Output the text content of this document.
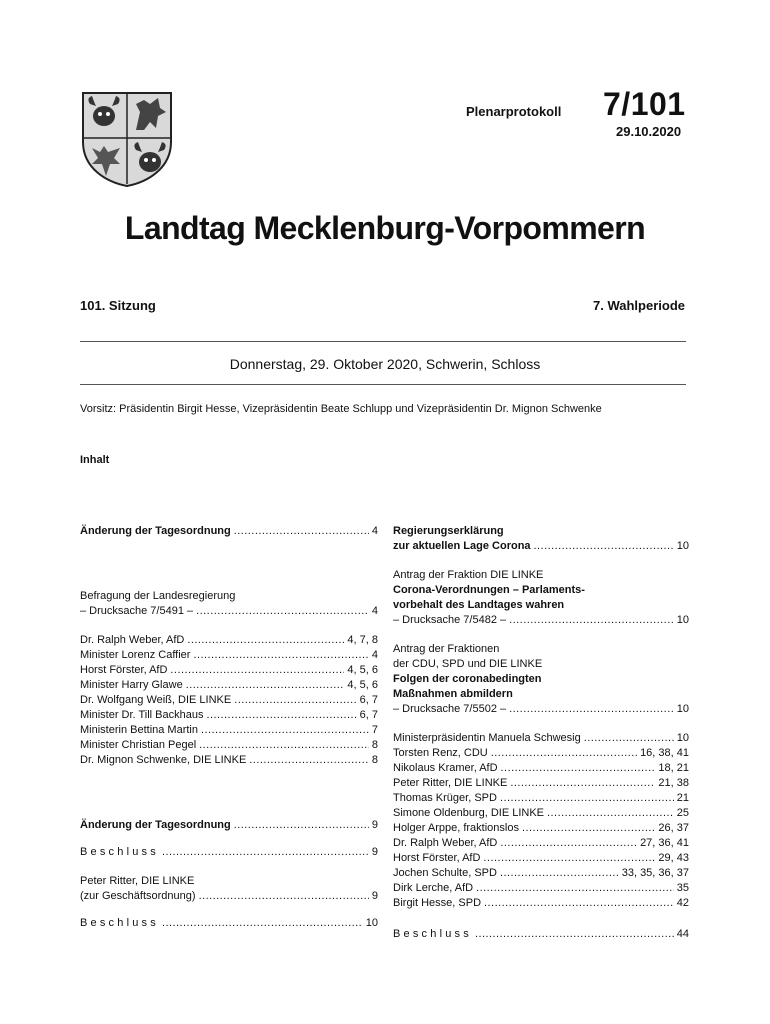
Plenarprotokoll 7/101
29.10.2020
Landtag Mecklenburg-Vorpommern
101. Sitzung	7. Wahlperiode
Donnerstag, 29. Oktober 2020, Schwerin, Schloss
Vorsitz: Präsidentin Birgit Hesse, Vizepräsidentin Beate Schlupp und Vizepräsidentin Dr. Mignon Schwenke
Inhalt
Änderung der Tagesordnung . . .	4
Befragung der Landesregierung
– Drucksache 7/5491 – . . .	4
Dr. Ralph Weber, AfD . . .	4, 7, 8
Minister Lorenz Caffier . . .	4
Horst Förster, AfD . . .	4, 5, 6
Minister Harry Glawe . . .	4, 5, 6
Dr. Wolfgang Weiß, DIE LINKE . . .	6, 7
Minister Dr. Till Backhaus . . .	6, 7
Ministerin Bettina Martin . . .	7
Minister Christian Pegel . . .	8
Dr. Mignon Schwenke, DIE LINKE . . .	8
Änderung der Tagesordnung . . .	9
Beschluss . . .	9
Peter Ritter, DIE LINKE
(zur Geschäftsordnung) . . .	9
Beschluss . . .	10
Regierungserklärung
zur aktuellen Lage Corona . . .	10
Antrag der Fraktion DIE LINKE
Corona-Verordnungen – Parlaments-
vorbehalt des Landtages wahren
– Drucksache 7/5482 – . . .	10
Antrag der Fraktionen
der CDU, SPD und DIE LINKE
Folgen der coronabedingten
Maßnahmen abmildern
– Drucksache 7/5502 – . . .	10
Ministerpräsidentin Manuela Schwesig . . .	10
Torsten Renz, CDU . . .	16, 38, 41
Nikolaus Kramer, AfD . . .	18, 21
Peter Ritter, DIE LINKE . . .	21, 38
Thomas Krüger, SPD . . .	21
Simone Oldenburg, DIE LINKE . . .	25
Holger Arppe, fraktionslos . . .	26, 37
Dr. Ralph Weber, AfD . . .	27, 36, 41
Horst Förster, AfD . . .	29, 43
Jochen Schulte, SPD . . .	33, 35, 36, 37
Dirk Lerche, AfD . . .	35
Birgit Hesse, SPD . . .	42
Beschluss . . .	44
